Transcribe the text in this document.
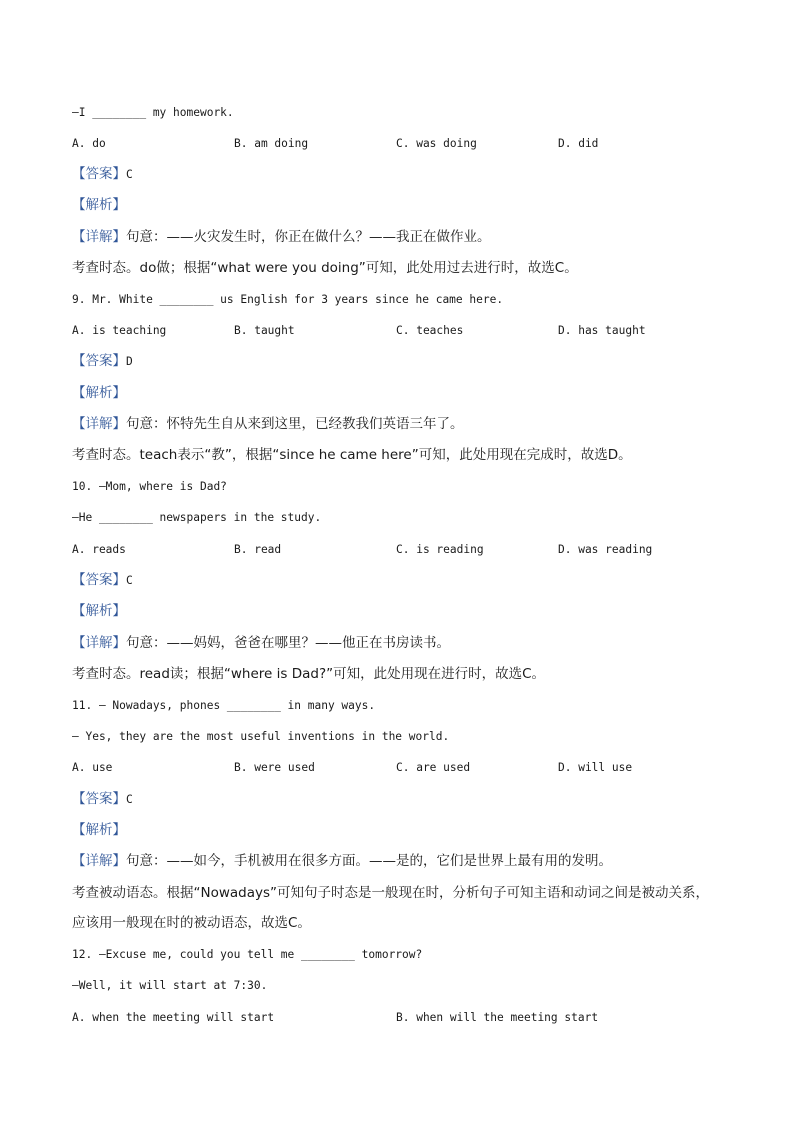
—I ________ my homework.

A. do

	B. am doing

	C. was doing

	D. did

【答案】C
【解析】
【详解】句意：——火灾发生时，你正在做什么？——我正在做作业。
考查时态。do做；根据“what were you doing”可知，此处用过去进行时，故选C。
9. Mr. White ________ us English for 3 years since he came here.

A. is teaching

	B. taught

	C. teaches

	D. has taught

【答案】D
【解析】
【详解】句意：怀特先生自从来到这里，已经教我们英语三年了。
考查时态。teach表示“教”，根据“since he came here”可知，此处用现在完成时，故选D。
10. —Mom, where is Dad?
—He ________ newspapers in the study.

A. reads

	B. read

	C. is reading

	D. was reading

【答案】C
【解析】
【详解】句意：——妈妈，爸爸在哪里？——他正在书房读书。
考查时态。read读；根据“where is Dad?”可知，此处用现在进行时，故选C。
11. — Nowadays, phones ________ in many ways.
— Yes, they are the most useful inventions in the world.

A. use

	B. were used

	C. are used

	D. will use

【答案】C
【解析】
【详解】句意：——如今，手机被用在很多方面。——是的，它们是世界上最有用的发明。
考查被动语态。根据“Nowadays”可知句子时态是一般现在时，分析句子可知主语和动词之间是被动关系，
应该用一般现在时的被动语态，故选C。
12. —Excuse me, could you tell me ________ tomorrow?
—Well, it will start at 7:30.

A. when the meeting will start

	B. when will the meeting start
